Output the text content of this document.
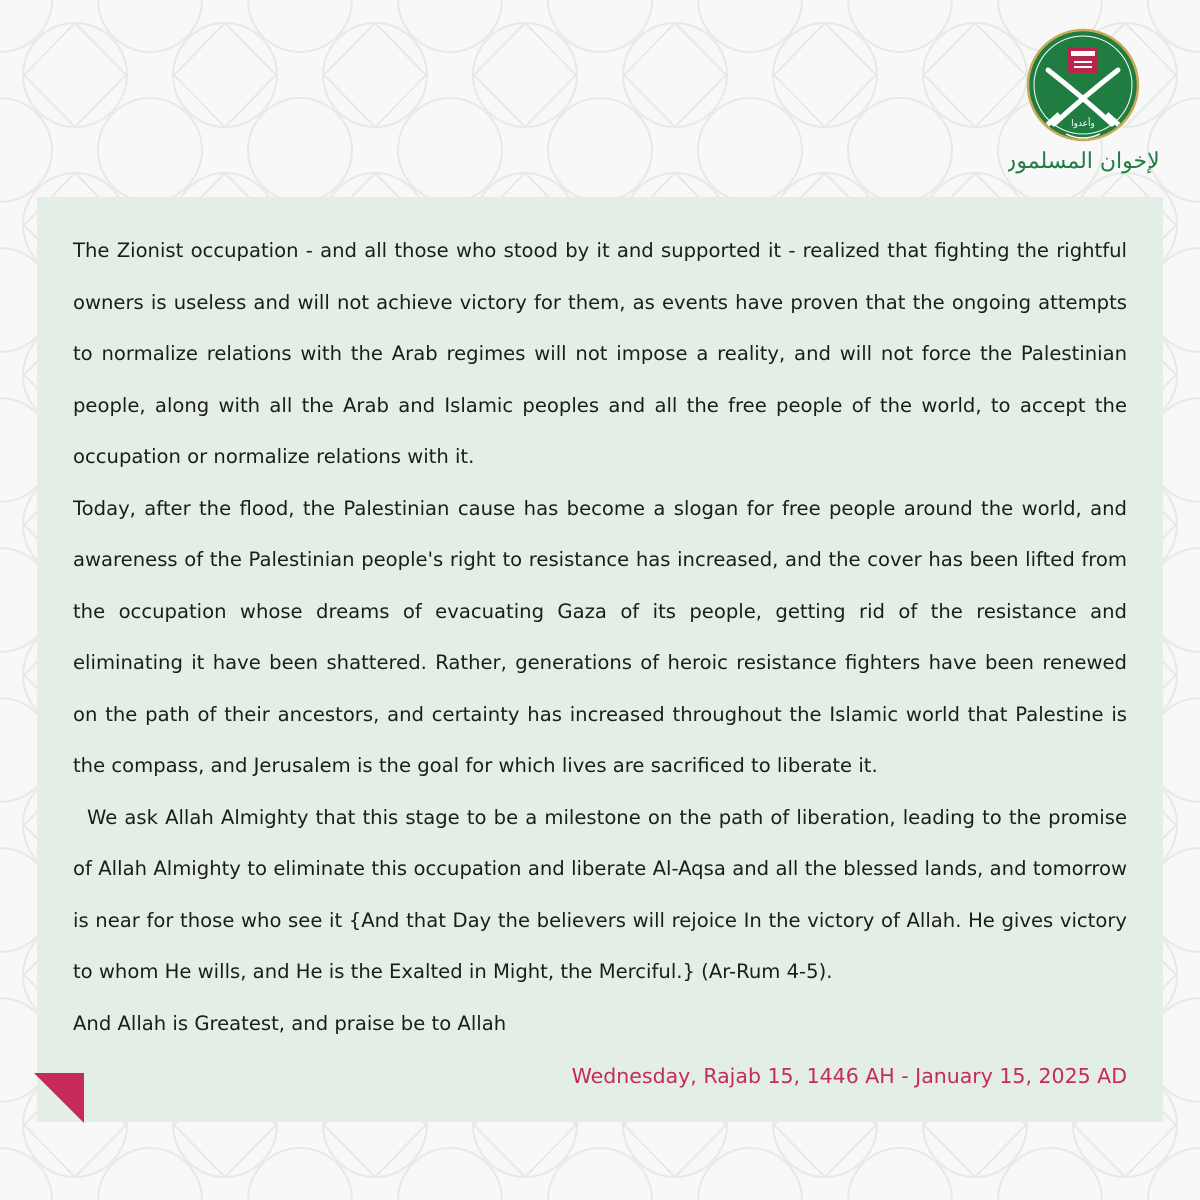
وأعدوا
الإخوان المسلمون

The Zionist occupation - and all those who stood by it and supported it - realized that fighting the rightful owners is useless and will not achieve victory for them, as events have proven that the ongoing attempts to normalize relations with the Arab regimes will not impose a reality, and will not force the Palestinian people, along with all the Arab and Islamic peoples and all the free people of the world, to accept the occupation or normalize relations with it.

Today, after the flood, the Palestinian cause has become a slogan for free people around the world, and awareness of the Palestinian people's right to resistance has increased, and the cover has been lifted from the occupation whose dreams of evacuating Gaza of its people, getting rid of the resistance and eliminating it have been shattered. Rather, generations of heroic resistance fighters have been renewed on the path of their ancestors, and certainty has increased throughout the Islamic world that Palestine is the compass, and Jerusalem is the goal for which lives are sacrificed to liberate it.

We ask Allah Almighty that this stage to be a milestone on the path of liberation, leading to the promise of Allah Almighty to eliminate this occupation and liberate Al-Aqsa and all the blessed lands, and tomorrow is near for those who see it {And that Day the believers will rejoice In the victory of Allah. He gives victory to whom He wills, and He is the Exalted in Might, the Merciful.} (Ar-Rum 4-5).

And Allah is Greatest, and praise be to Allah

Wednesday, Rajab 15, 1446 AH - January 15, 2025 AD
